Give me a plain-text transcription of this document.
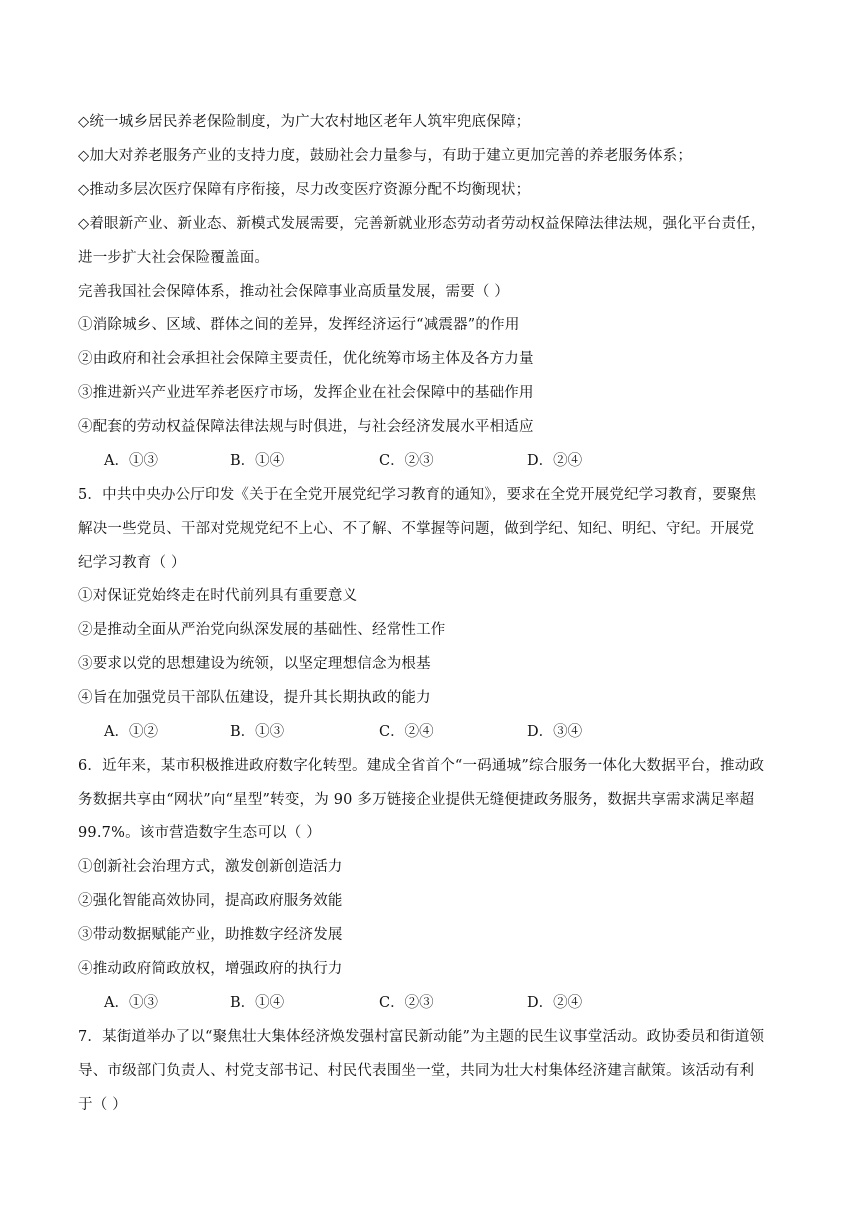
◇统一城乡居民养老保险制度，为广大农村地区老年人筑牢兜底保障；
◇加大对养老服务产业的支持力度，鼓励社会力量参与，有助于建立更加完善的养老服务体系；
◇推动多层次医疗保障有序衔接，尽力改变医疗资源分配不均衡现状；
◇着眼新产业、新业态、新模式发展需要，完善新就业形态劳动者劳动权益保障法律法规，强化平台责任，
进一步扩大社会保险覆盖面。
完善我国社会保障体系，推动社会保障事业高质量发展，需要（ ）
①消除城乡、区域、群体之间的差异，发挥经济运行“减震器”的作用
②由政府和社会承担社会保障主要责任，优化统筹市场主体及各方力量
③推进新兴产业进军养老医疗市场，发挥企业在社会保障中的基础作用
④配套的劳动权益保障法律法规与时俱进，与社会经济发展水平相适应
A．①③	B．①④	C．②③	D．②④
5．中共中央办公厅印发《关于在全党开展党纪学习教育的通知》，要求在全党开展党纪学习教育，要聚焦
解决一些党员、干部对党规党纪不上心、不了解、不掌握等问题，做到学纪、知纪、明纪、守纪。开展党
纪学习教育（ ）
①对保证党始终走在时代前列具有重要意义
②是推动全面从严治党向纵深发展的基础性、经常性工作
③要求以党的思想建设为统领，以坚定理想信念为根基
④旨在加强党员干部队伍建设，提升其长期执政的能力
A．①②	B．①③	C．②④	D．③④
6．近年来，某市积极推进政府数字化转型。建成全省首个“一码通城”综合服务一体化大数据平台，推动政
务数据共享由“网状”向“星型”转变，为 90 多万链接企业提供无缝便捷政务服务，数据共享需求满足率超
99.7%。该市营造数字生态可以（ ）
①创新社会治理方式，激发创新创造活力
②强化智能高效协同，提高政府服务效能
③带动数据赋能产业，助推数字经济发展
④推动政府简政放权，增强政府的执行力
A．①③	B．①④	C．②③	D．②④
7．某街道举办了以“聚焦壮大集体经济焕发强村富民新动能”为主题的民生议事堂活动。政协委员和街道领
导、市级部门负责人、村党支部书记、村民代表围坐一堂，共同为壮大村集体经济建言献策。该活动有利
于（ ）
